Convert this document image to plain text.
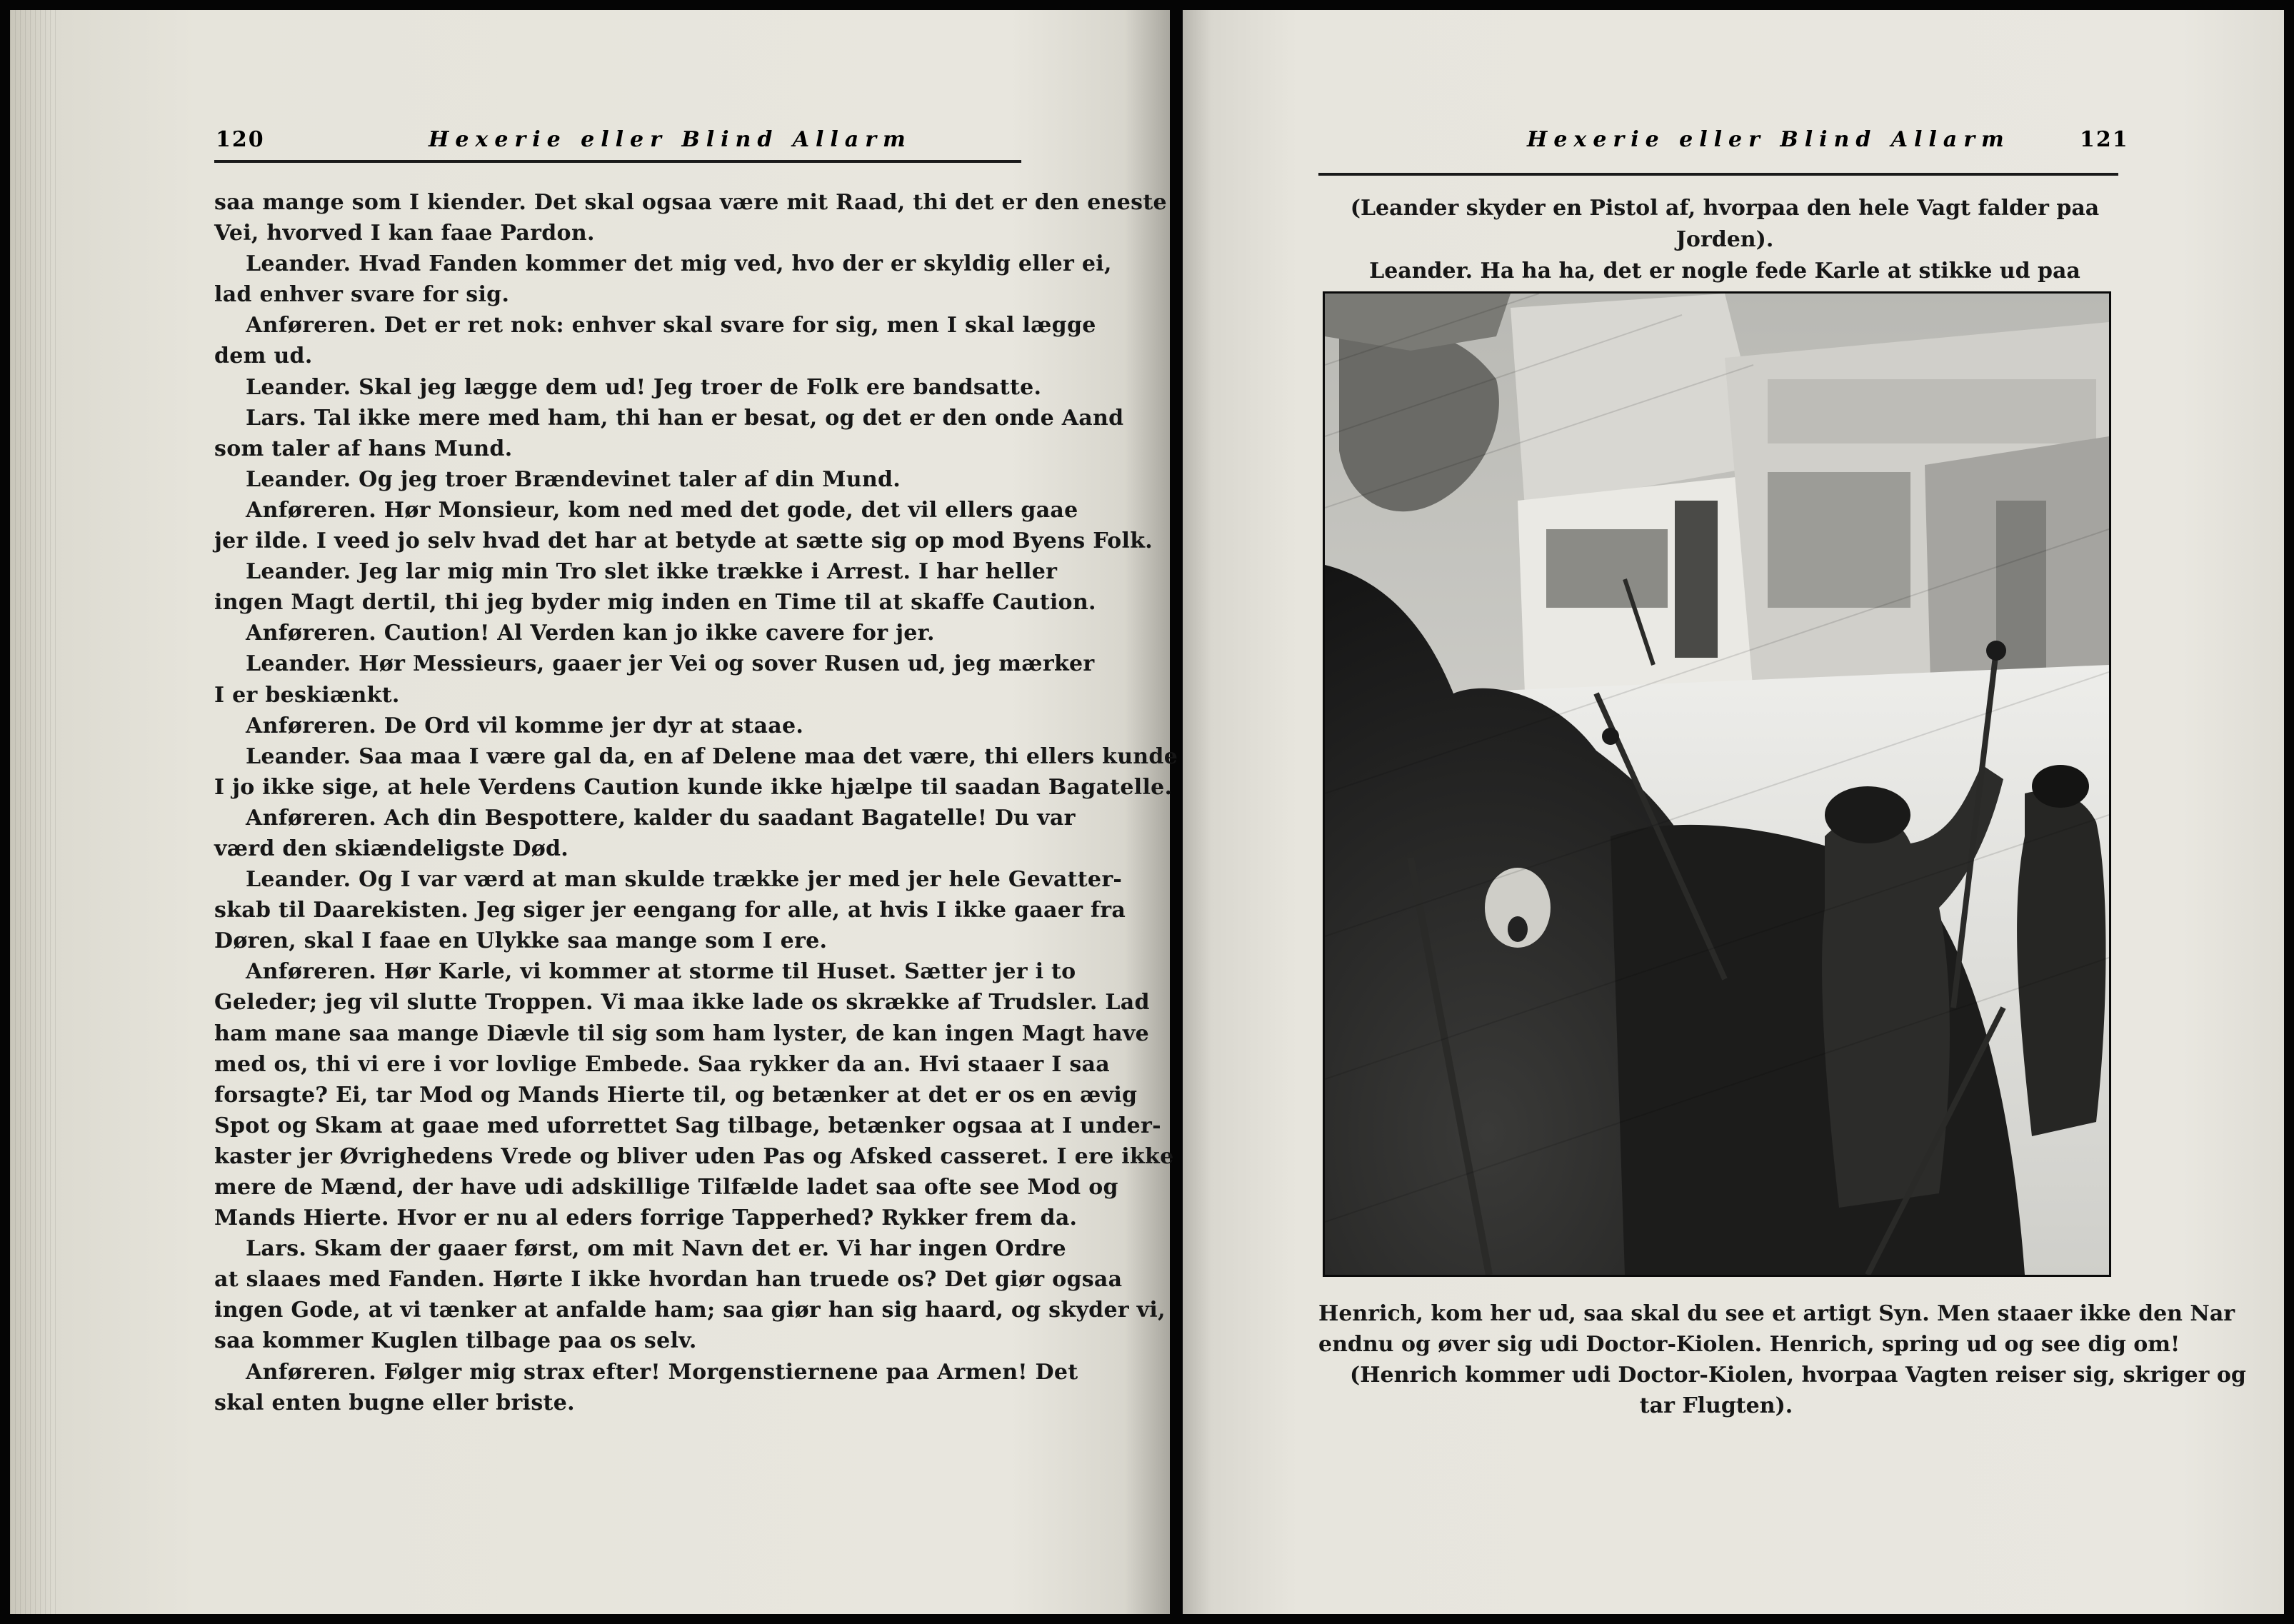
120	Hexerie eller Blind Allarm
saa mange som I kiender. Det skal ogsaa være mit Raad, thi det er den eneste
Vei, hvorved I kan faae Pardon.
Leander. Hvad Fanden kommer det mig ved, hvo der er skyldig eller ei,
lad enhver svare for sig.
Anføreren. Det er ret nok: enhver skal svare for sig, men I skal lægge
dem ud.
Leander. Skal jeg lægge dem ud! Jeg troer de Folk ere bandsatte.
Lars. Tal ikke mere med ham, thi han er besat, og det er den onde Aand
som taler af hans Mund.
Leander. Og jeg troer Brændevinet taler af din Mund.
Anføreren. Hør Monsieur, kom ned med det gode, det vil ellers gaae
jer ilde. I veed jo selv hvad det har at betyde at sætte sig op mod Byens Folk.
Leander. Jeg lar mig min Tro slet ikke trække i Arrest. I har heller
ingen Magt dertil, thi jeg byder mig inden en Time til at skaffe Caution.
Anføreren. Caution! Al Verden kan jo ikke cavere for jer.
Leander. Hør Messieurs, gaaer jer Vei og sover Rusen ud, jeg mærker
I er beskiænkt.
Anføreren. De Ord vil komme jer dyr at staae.
Leander. Saa maa I være gal da, en af Delene maa det være, thi ellers kunde
I jo ikke sige, at hele Verdens Caution kunde ikke hjælpe til saadan Bagatelle.
Anføreren. Ach din Bespottere, kalder du saadant Bagatelle! Du var
værd den skiændeligste Død.
Leander. Og I var værd at man skulde trække jer med jer hele Gevatter-
skab til Daarekisten. Jeg siger jer eengang for alle, at hvis I ikke gaaer fra
Døren, skal I faae en Ulykke saa mange som I ere.
Anføreren. Hør Karle, vi kommer at storme til Huset. Sætter jer i to
Geleder; jeg vil slutte Troppen. Vi maa ikke lade os skrække af Trudsler. Lad
ham mane saa mange Diævle til sig som ham lyster, de kan ingen Magt have
med os, thi vi ere i vor lovlige Embede. Saa rykker da an. Hvi staaer I saa
forsagte? Ei, tar Mod og Mands Hierte til, og betænker at det er os en ævig
Spot og Skam at gaae med uforrettet Sag tilbage, betænker ogsaa at I under-
kaster jer Øvrighedens Vrede og bliver uden Pas og Afsked casseret. I ere ikke
mere de Mænd, der have udi adskillige Tilfælde ladet saa ofte see Mod og
Mands Hierte. Hvor er nu al eders forrige Tapperhed? Rykker frem da.
Lars. Skam der gaaer først, om mit Navn det er. Vi har ingen Ordre
at slaaes med Fanden. Hørte I ikke hvordan han truede os? Det giør ogsaa
ingen Gode, at vi tænker at anfalde ham; saa giør han sig haard, og skyder vi,
saa kommer Kuglen tilbage paa os selv.
Anføreren. Følger mig strax efter! Morgenstiernene paa Armen! Det
skal enten bugne eller briste.
Hexerie eller Blind Allarm	121
(Leander skyder en Pistol af, hvorpaa den hele Vagt falder paa Jorden).
Leander. Ha ha ha, det er nogle fede Karle at stikke ud paa
Henrich, kom her ud, saa skal du see et artigt Syn. Men staaer ikke den Nar
endnu og øver sig udi Doctor-Kiolen. Henrich, spring ud og see dig om!
(Henrich kommer udi Doctor-Kiolen, hvorpaa Vagten reiser sig, skriger og
tar Flugten).
